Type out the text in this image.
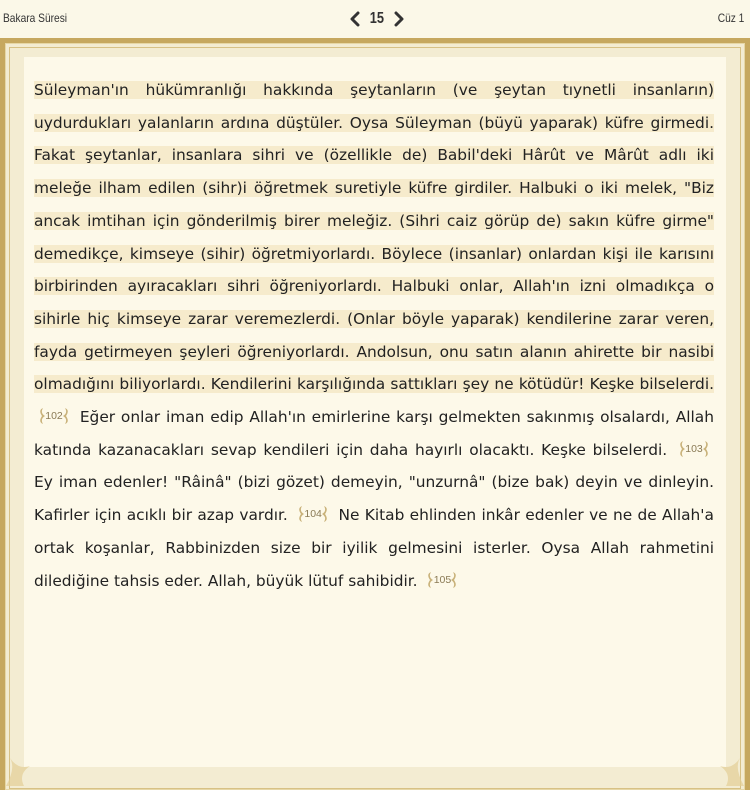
Bakara Süresi	15	Cüz 1
Süleyman'ın hükümranlığı hakkında şeytanların (ve şeytan tıynetli insanların) uydurdukları yalanların ardına düştüler. Oysa Süleyman (büyü yaparak) küfre girmedi. Fakat şeytanlar, insanlara sihri ve (özellikle de) Babil'deki Hârût ve Mârût adlı iki meleğe ilham edilen (sihr)i öğretmek suretiyle küfre girdiler. Halbuki o iki melek, "Biz ancak imtihan için gönderilmiş birer meleğiz. (Sihri caiz görüp de) sakın küfre girme" demedikçe, kimseye (sihir) öğretmiyorlardı. Böylece (insanlar) onlardan kişi ile karısını birbirinden ayıracakları sihri öğreniyorlardı. Halbuki onlar, Allah'ın izni olmadıkça o sihirle hiç kimseye zarar veremezlerdi. (Onlar böyle yaparak) kendilerine zarar veren, fayda getirmeyen şeyleri öğreniyorlardı. Andolsun, onu satın alanın ahirette bir nasibi olmadığını biliyorlardı. Kendilerini karşılığında sattıkları şey ne kötüdür! Keşke bilselerdi.
102	Eğer onlar iman edip Allah'ın emirlerine karşı gelmekten sakınmış olsalardı, Allah katında kazanacakları sevap kendileri için daha hayırlı olacaktı. Keşke bilselerdi.	103
Ey iman edenler! "Râinâ" (bizi gözet) demeyin, "unzurnâ" (bize bak) deyin ve dinleyin. Kafirler için acıklı bir azap vardır.	104	Ne Kitab ehlinden inkâr edenler ve ne de Allah'a ortak koşanlar, Rabbinizden size bir iyilik gelmesini isterler. Oysa Allah rahmetini dilediğine tahsis eder. Allah, büyük lütuf sahibidir.	105
